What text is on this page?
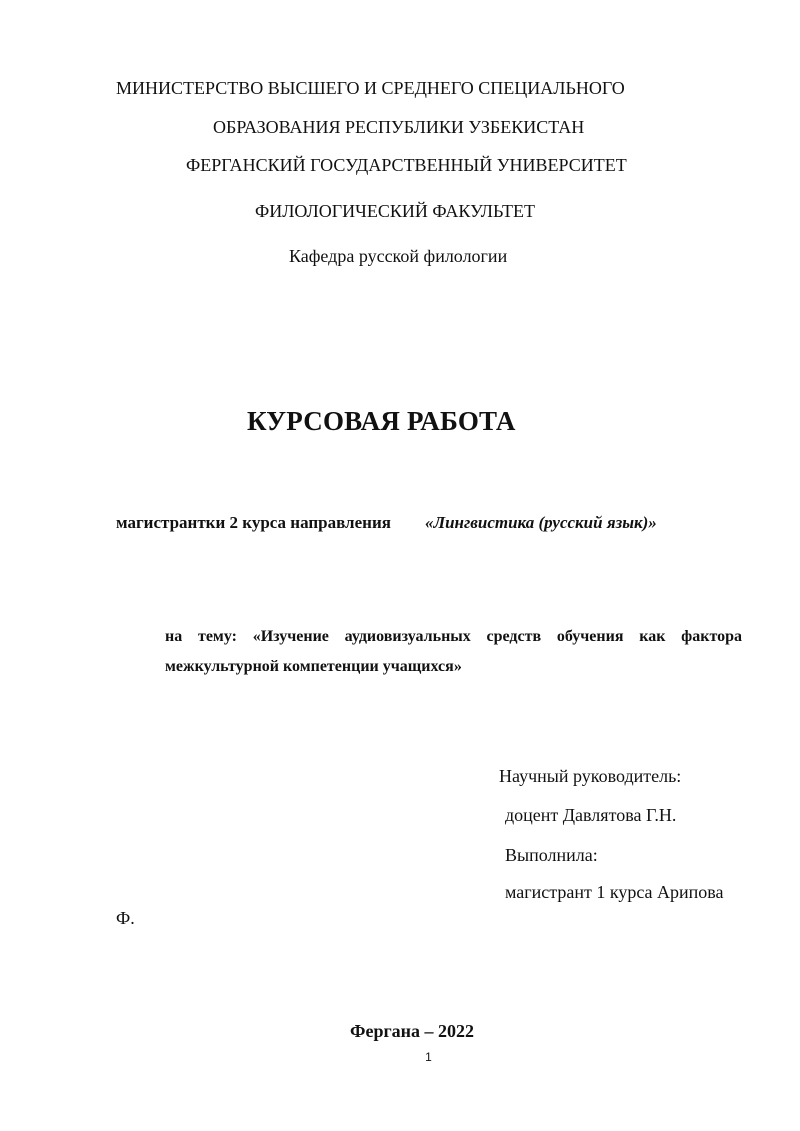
МИНИСТЕРСТВО ВЫСШЕГО И СРЕДНЕГО СПЕЦИАЛЬНОГО
ОБРАЗОВАНИЯ РЕСПУБЛИКИ УЗБЕКИСТАН
ФЕРГАНСКИЙ ГОСУДАРСТВЕННЫЙ УНИВЕРСИТЕТ
ФИЛОЛОГИЧЕСКИЙ ФАКУЛЬТЕТ
Кафедра русской филологии
КУРСОВАЯ РАБОТА
магистрантки 2 курса направления «Лингвистика (русский язык)»
на тему: «Изучение аудиовизуальных средств обучения как фактора
межкультурной компетенции учащихся»
Научный руководитель:
доцент Давлятова Г.Н.
Выполнила:
магистрант 1 курса Арипова
Ф.
Фергана – 2022
1
